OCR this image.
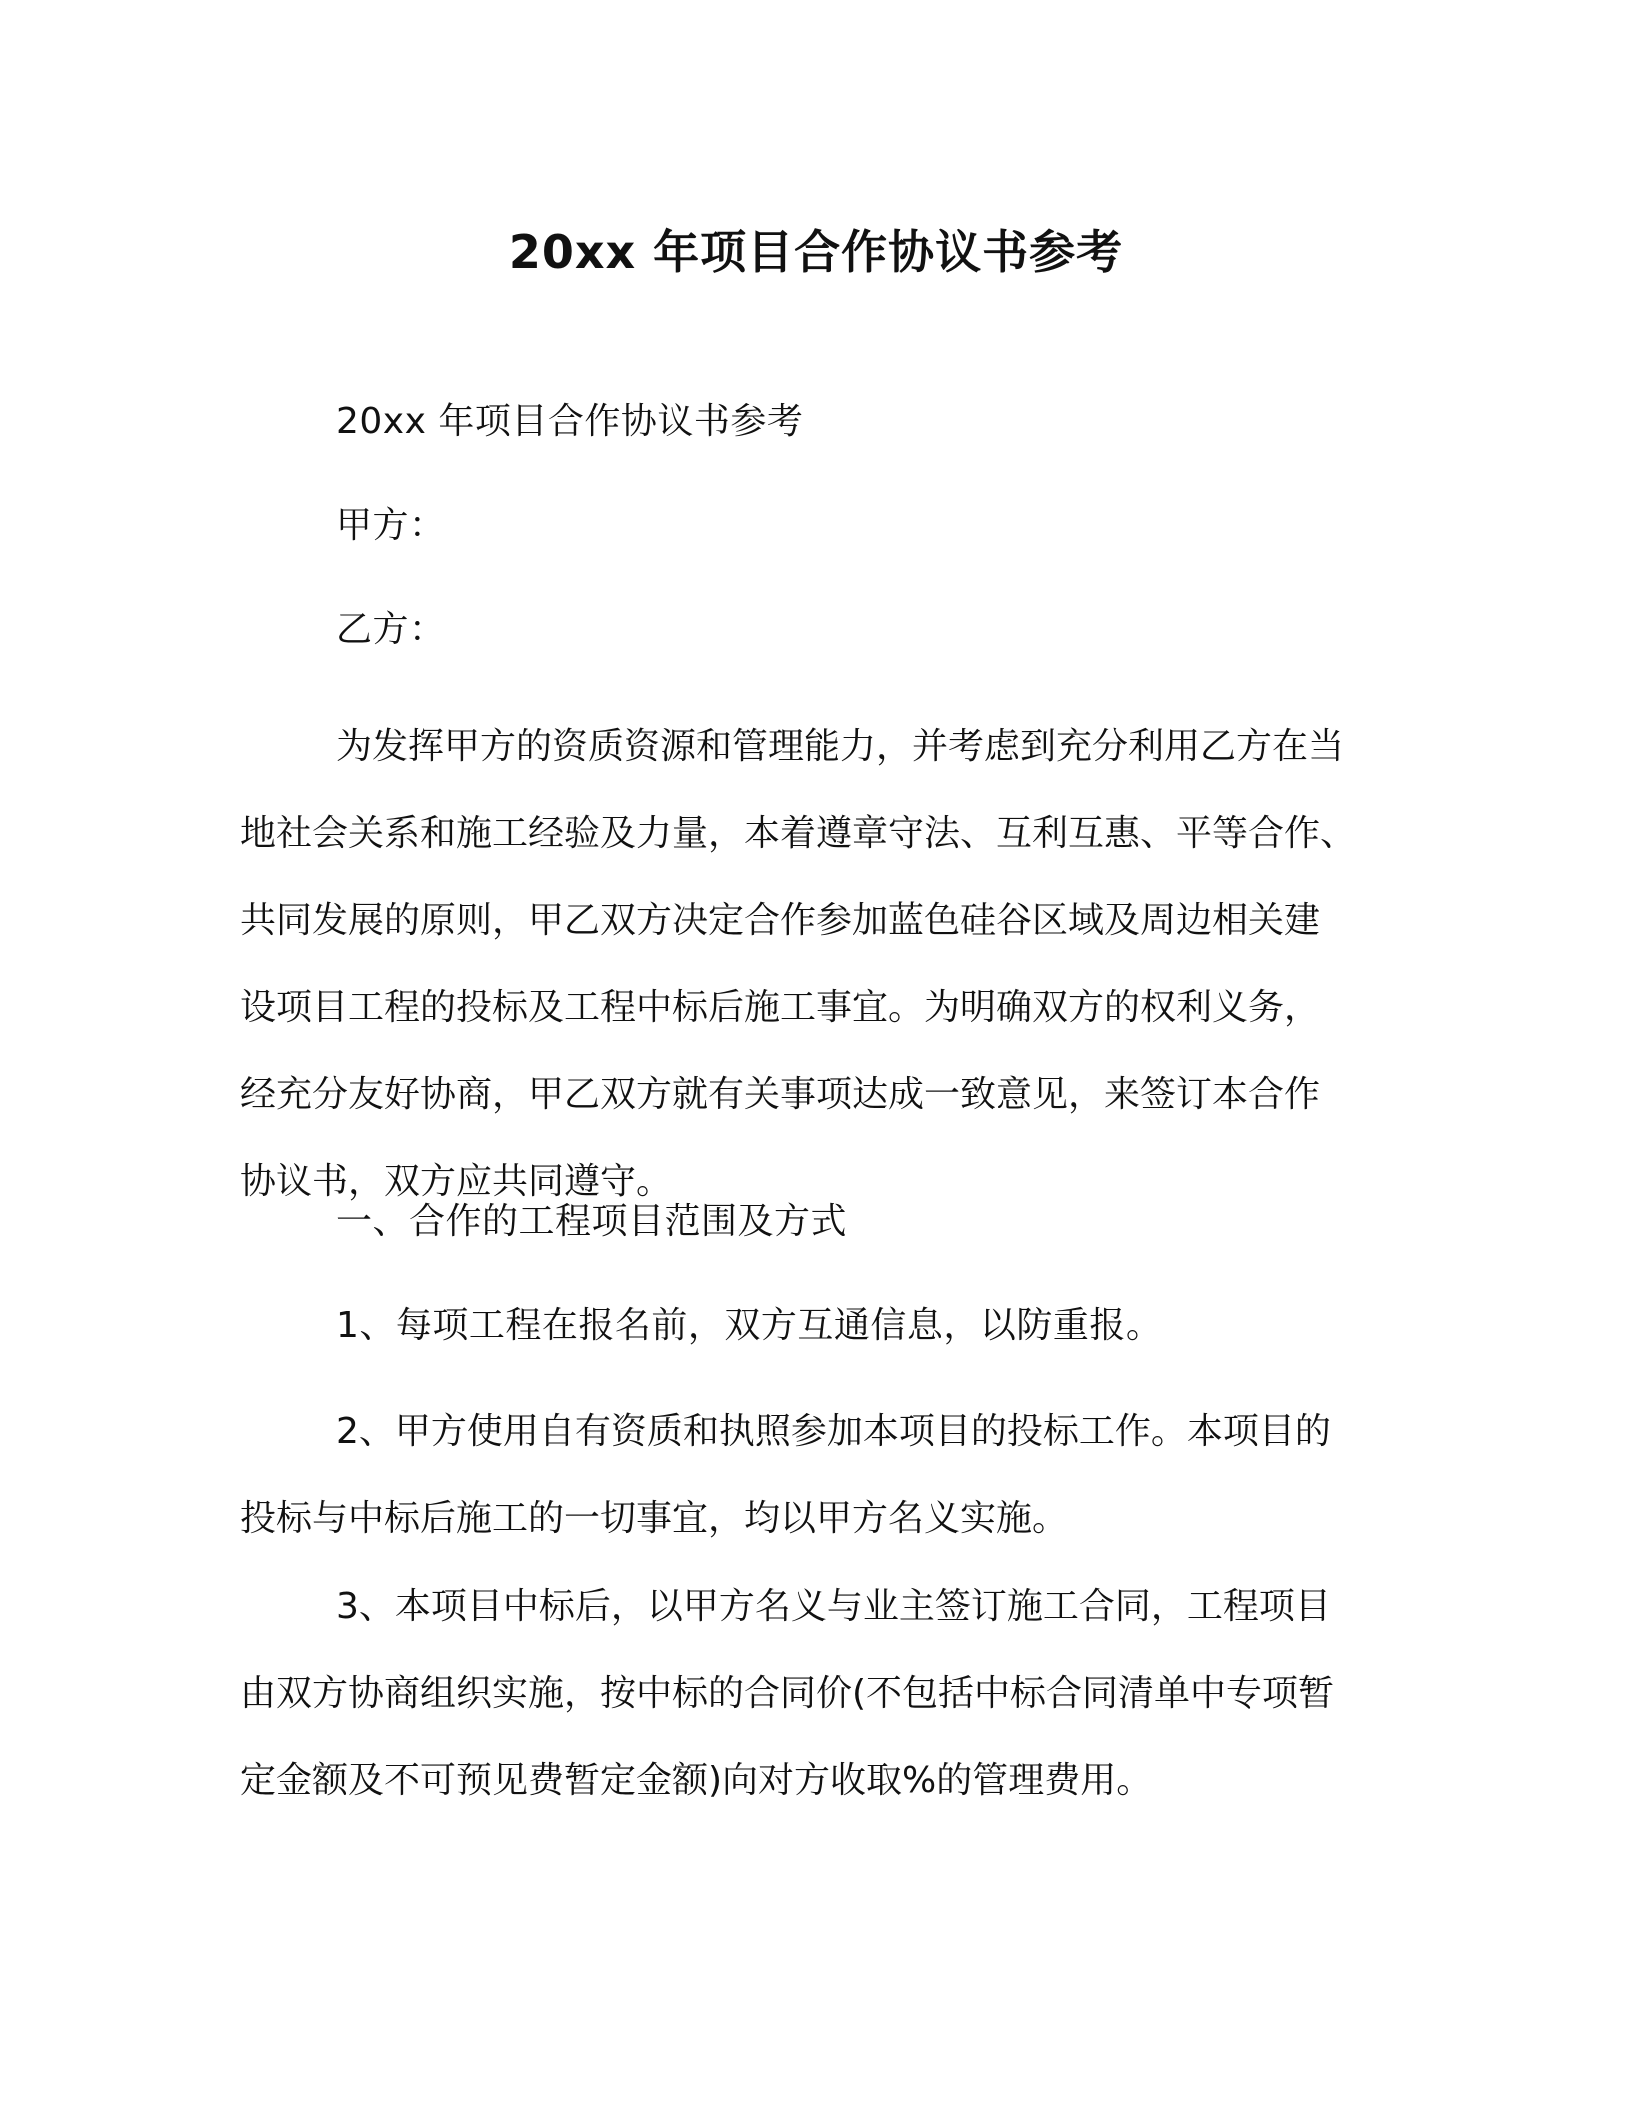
20xx 年项目合作协议书参考

20xx 年项目合作协议书参考

甲方：

乙方：

为发挥甲方的资质资源和管理能力，并考虑到充分利用乙方在当
地社会关系和施工经验及力量，本着遵章守法、互利互惠、平等合作、
共同发展的原则，甲乙双方决定合作参加蓝色硅谷区域及周边相关建
设项目工程的投标及工程中标后施工事宜。为明确双方的权利义务，
经充分友好协商，甲乙双方就有关事项达成一致意见，来签订本合作
协议书，双方应共同遵守。

一、合作的工程项目范围及方式

1、每项工程在报名前，双方互通信息，以防重报。

2、甲方使用自有资质和执照参加本项目的投标工作。本项目的
投标与中标后施工的一切事宜，均以甲方名义实施。
3、本项目中标后，以甲方名义与业主签订施工合同，工程项目
由双方协商组织实施，按中标的合同价(不包括中标合同清单中专项暂
定金额及不可预见费暂定金额)向对方收取%的管理费用。
